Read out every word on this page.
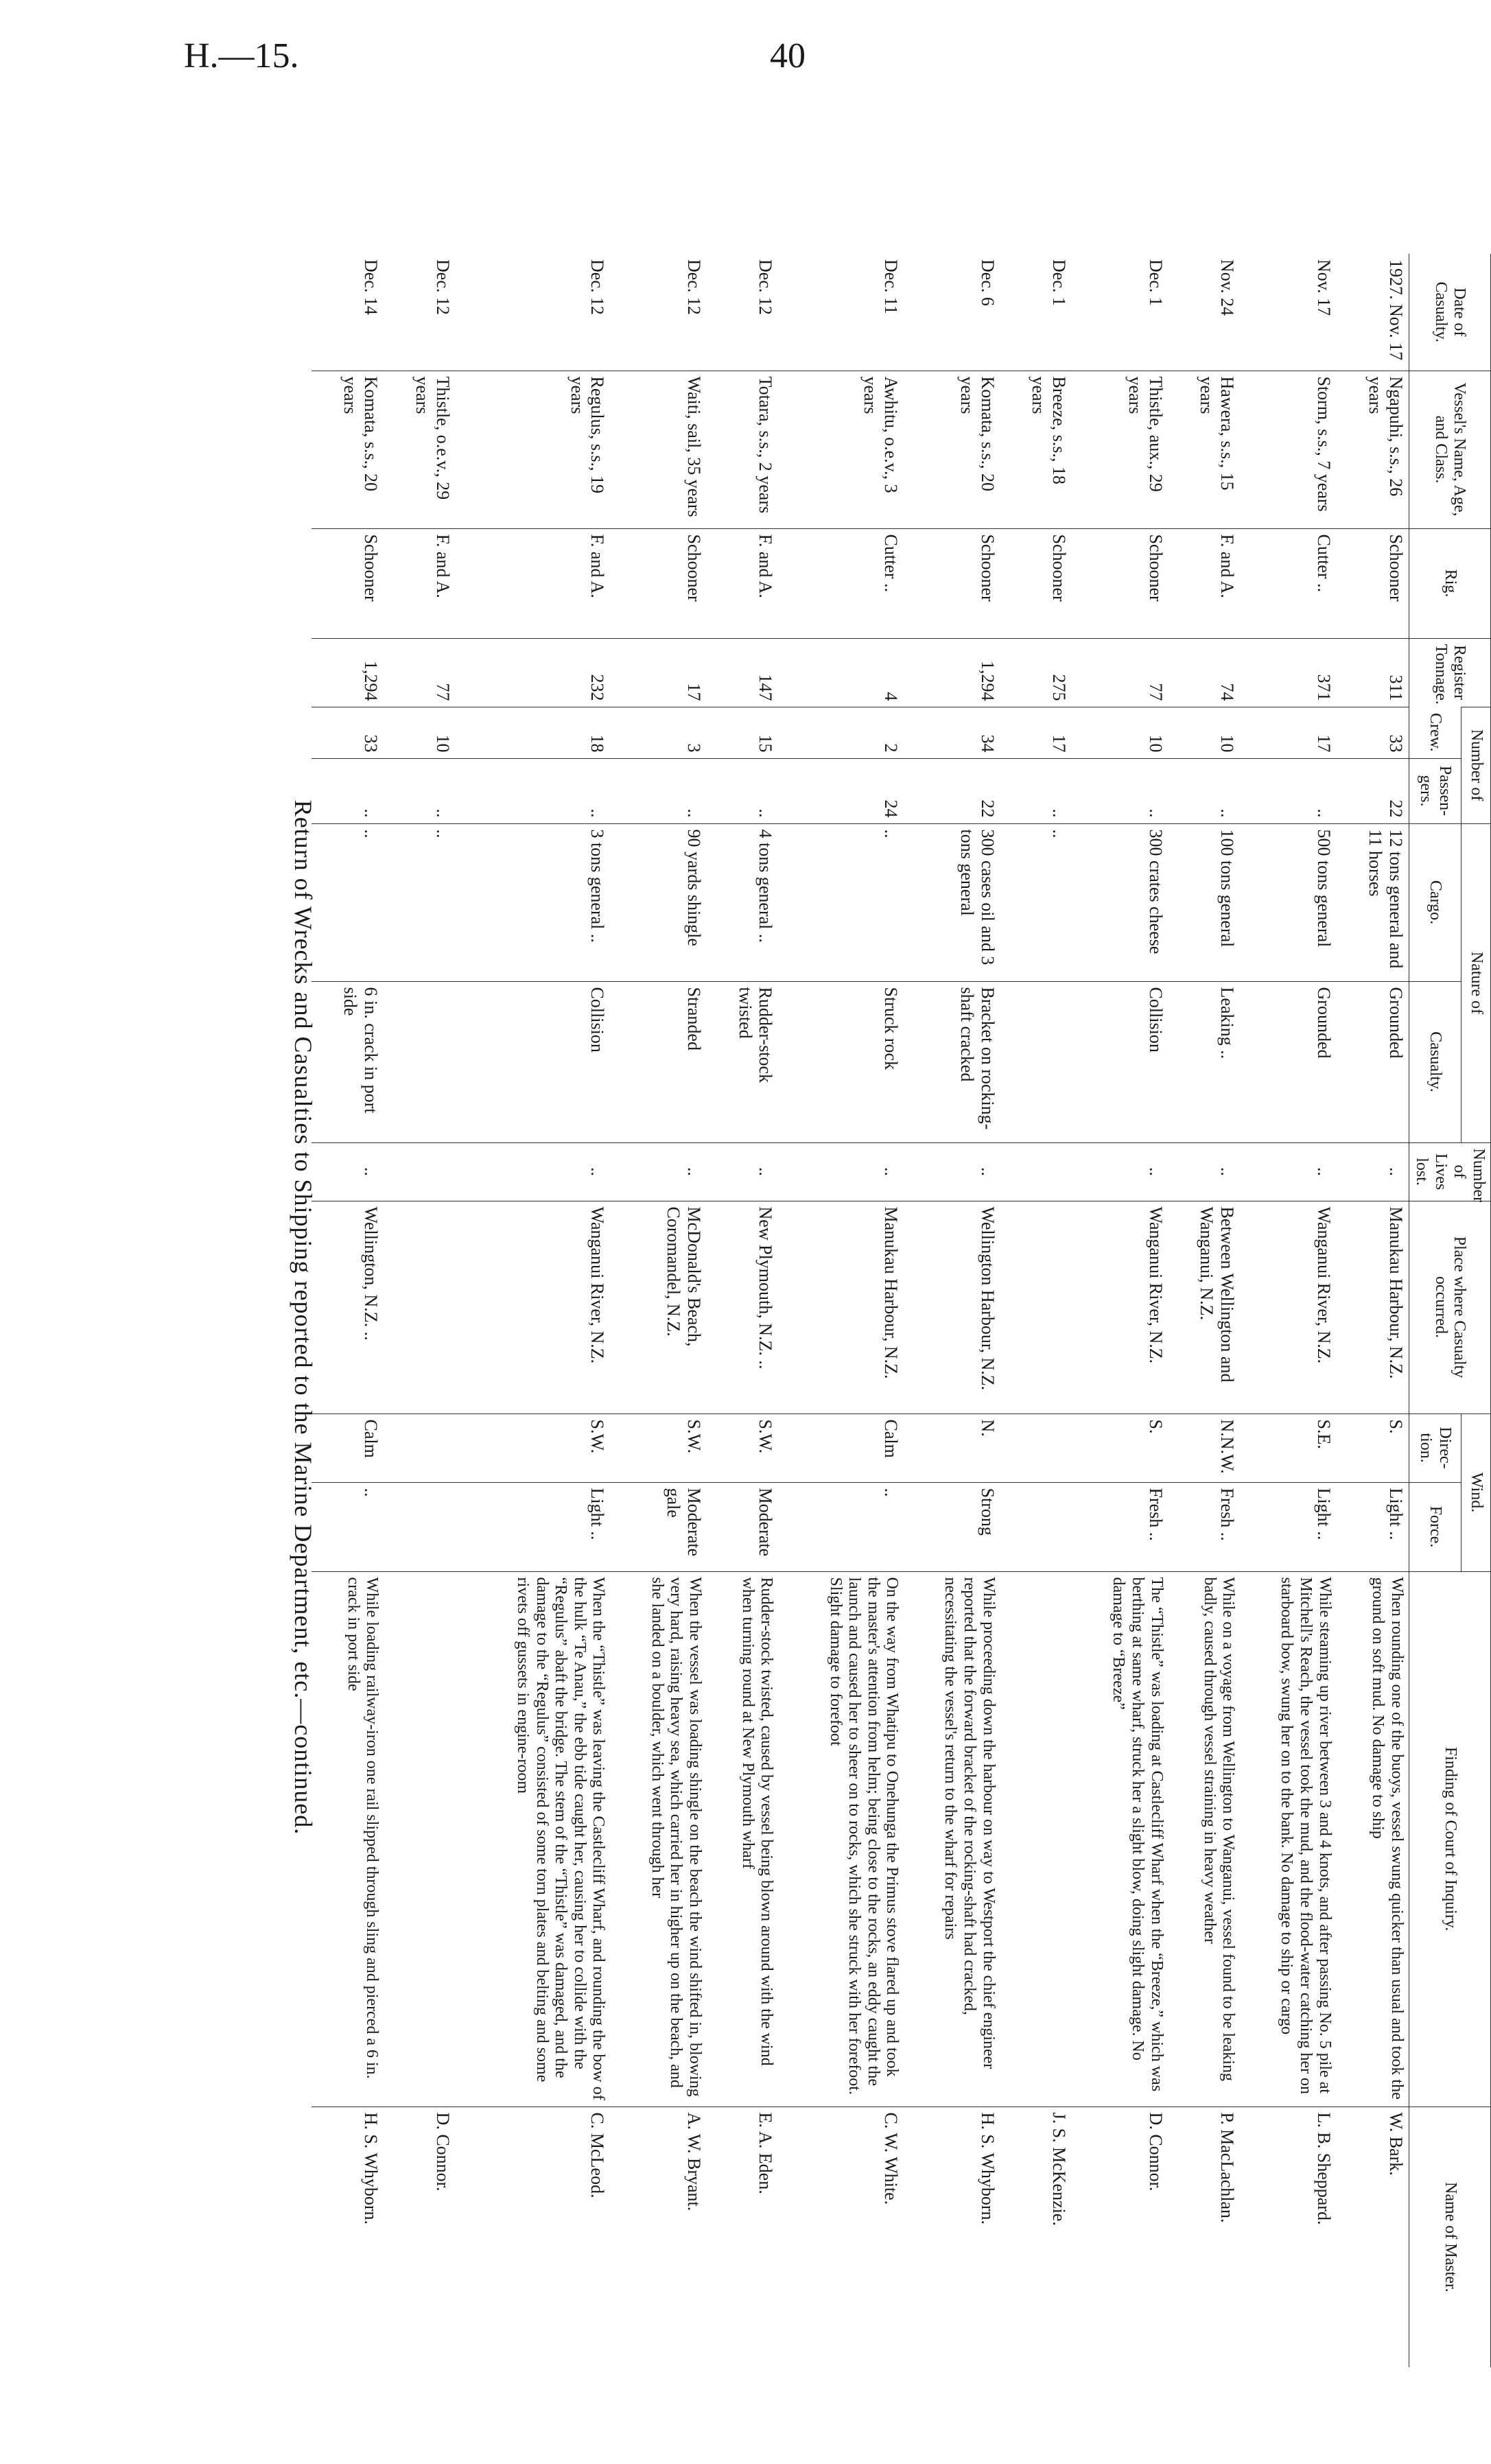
H.—15.	40
Date of Casualty.	Vessel's Name, Age, and Class.	Rig.	Register Tonnage.	Number of		Nature of		Number of Lives lost.	Place where Casualty occurred.	Wind.		Finding of Court of Inquiry.	Name of Master.
				Crew.	Passen-gers.	Cargo.	Casualty.			Direc-tion.	Force.		
1927. Nov. 17	Ngapuhi, s.s., 26 years	Schooner	311	33	22	12 tons general and 11 horses	Grounded	..	Manukau Harbour, N.Z.	S.	Light ..	When rounding one of the buoys, vessel swung quicker than usual and took the ground on soft mud. No damage to ship	W. Bark.
Nov. 17	Storm, s.s., 7 years	Cutter ..	371	17	..	500 tons general	Grounded	..	Wanganui River, N.Z.	S.E.	Light ..	While steaming up river between 3 and 4 knots, and after passing No. 5 pile at Mitchell's Reach, the vessel took the mud, and the flood-water catching her on starboard bow, swung her on to the bank. No damage to ship or cargo	L. B. Sheppard.
Nov. 24	Hawera, s.s., 15 years	F. and A.	74	10	..	100 tons general	Leaking ..	..	Between Wellington and Wanganui, N.Z.	N.N.W.	Fresh ..	While on a voyage from Wellington to Wanganui, vessel found to be leaking badly, caused through vessel straining in heavy weather	P. MacLachlan.
Dec. 1	Thistle, aux., 29 years	Schooner	77	10	..	300 crates cheese	Collision	..	Wanganui River, N.Z.	S.	Fresh ..	The “Thistle” was loading at Castlecliff Wharf when the “Breeze,” which was berthing at same wharf, struck her a slight blow, doing slight damage. No damage to “Breeze”	D. Connor.
Dec. 1	Breeze, s.s., 18 years	Schooner	275	17	..	..							J. S. McKenzie.
Dec. 6	Komata, s.s., 20 years	Schooner	1,294	34	22	300 cases oil and 3 tons general	Bracket on rocking-shaft cracked	..	Wellington Harbour, N.Z.	N.	Strong	While proceeding down the harbour on way to Westport the chief engineer reported that the forward bracket of the rocking-shaft had cracked, necessitating the vessel's return to the wharf for repairs	H. S. Whyborn.
Dec. 11	Awhitu, o.e.v., 3 years	Cutter ..	4	2	24	..	Struck rock	..	Manukau Harbour, N.Z.	Calm	..	On the way from Whatipu to Onehunga the Primus stove flared up and took the master's attention from helm; being close to the rocks, an eddy caught the launch and caused her to sheer on to rocks, which she struck with her forefoot. Slight damage to forefoot	C. W. White.
Dec. 12	Totara, s.s., 2 years	F. and A.	147	15	..	4 tons general ..	Rudder-stock twisted	..	New Plymouth, N.Z. ..	S.W.	Moderate	Rudder-stock twisted, caused by vessel being blown around with the wind when turning round at New Plymouth wharf	E. A. Eden.
Dec. 12	Waiti, sail, 35 years	Schooner	17	3	..	90 yards shingle	Stranded	..	McDonald's Beach, Coromandel, N.Z.	S.W.	Moderate gale	When the vessel was loading shingle on the beach the wind shifted in, blowing very hard, raising heavy sea, which carried her in higher up on the beach, and she landed on a boulder, which went through her	A. W. Bryant.
Dec. 12	Regulus, s.s., 19 years	F. and A.	232	18	..	3 tons general ..	Collision	..	Wanganui River, N.Z.	S.W.	Light ..	When the “Thistle” was leaving the Castlecliff Wharf, and rounding the bow of the hulk “Te Anau,” the ebb tide caught her, causing her to collide with the “Regulus” abaft the bridge. The stem of the “Thistle” was damaged, and the damage to the “Regulus” consisted of some torn plates and belting and some rivets off gussets in engine-room	C. McLeod.
Dec. 12	Thistle, o.e.v., 29 years	F. and A.	77	10	..	..							D. Connor.
Dec. 14	Komata, s.s., 20 years	Schooner	1,294	33	..	..	6 in. crack in port side	..	Wellington, N.Z. ..	Calm	..	While loading railway-iron one rail slipped through sling and pierced a 6 in. crack in port side	H. S. Whyborn.
Return of Wrecks and Casualties to Shipping reported to the Marine Department, etc.—continued.
